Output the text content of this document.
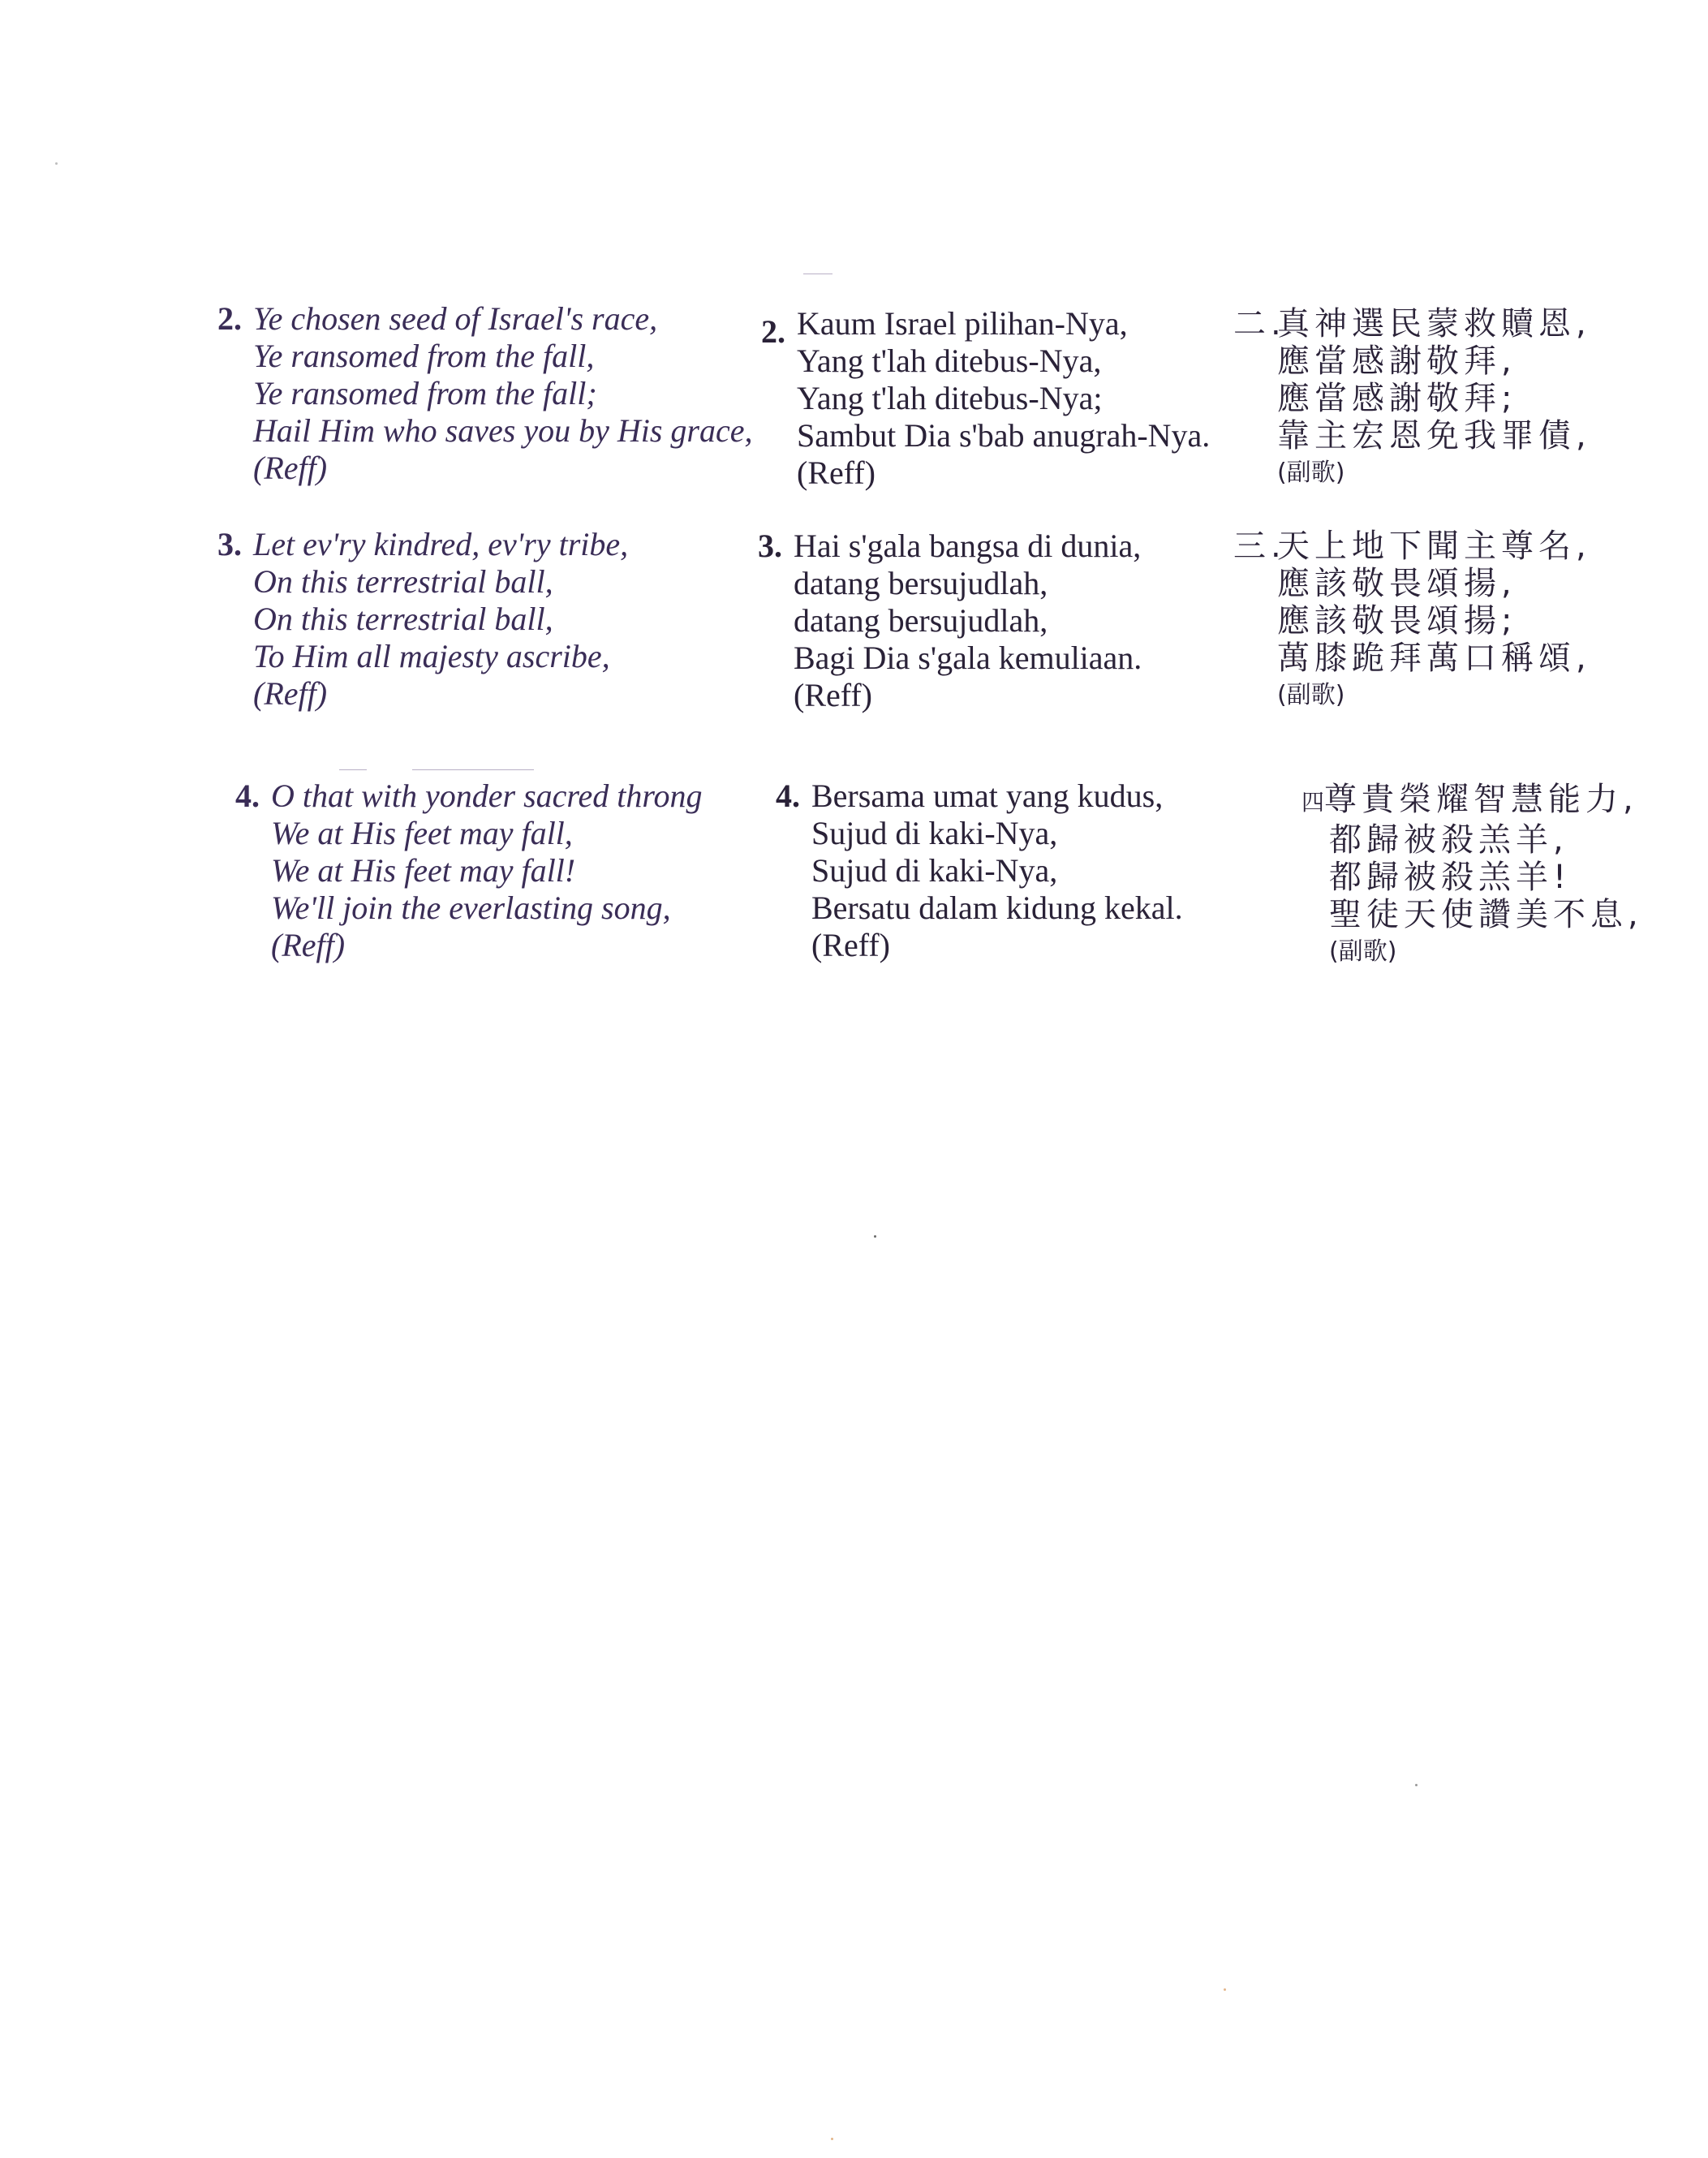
2. Ye chosen seed of Israel's race,
Ye ransomed from the fall,
Ye ransomed from the fall;
Hail Him who saves you by His grace,
(Reff)
2. Kaum Israel pilihan-Nya,
Yang t'lah ditebus-Nya,
Yang t'lah ditebus-Nya;
Sambut Dia s'bab anugrah-Nya.
(Reff)
二.真神選民蒙救贖恩,
應當感謝敬拜,
應當感謝敬拜;
靠主宏恩免我罪債,
(副歌)
3. Let ev'ry kindred, ev'ry tribe,
On this terrestrial ball,
On this terrestrial ball,
To Him all majesty ascribe,
(Reff)
3. Hai s'gala bangsa di dunia,
datang bersujudlah,
datang bersujudlah,
Bagi Dia s'gala kemuliaan.
(Reff)
三.天上地下聞主尊名,
應該敬畏頌揚,
應該敬畏頌揚;
萬膝跪拜萬口稱頌,
(副歌)
4. O that with yonder sacred throng
We at His feet may fall,
We at His feet may fall!
We'll join the everlasting song,
(Reff)
4. Bersama umat yang kudus,
Sujud di kaki-Nya,
Sujud di kaki-Nya,
Bersatu dalam kidung kekal.
(Reff)
四尊貴榮耀智慧能力,
都歸被殺羔羊,
都歸被殺羔羊!
聖徒天使讚美不息,
(副歌)
